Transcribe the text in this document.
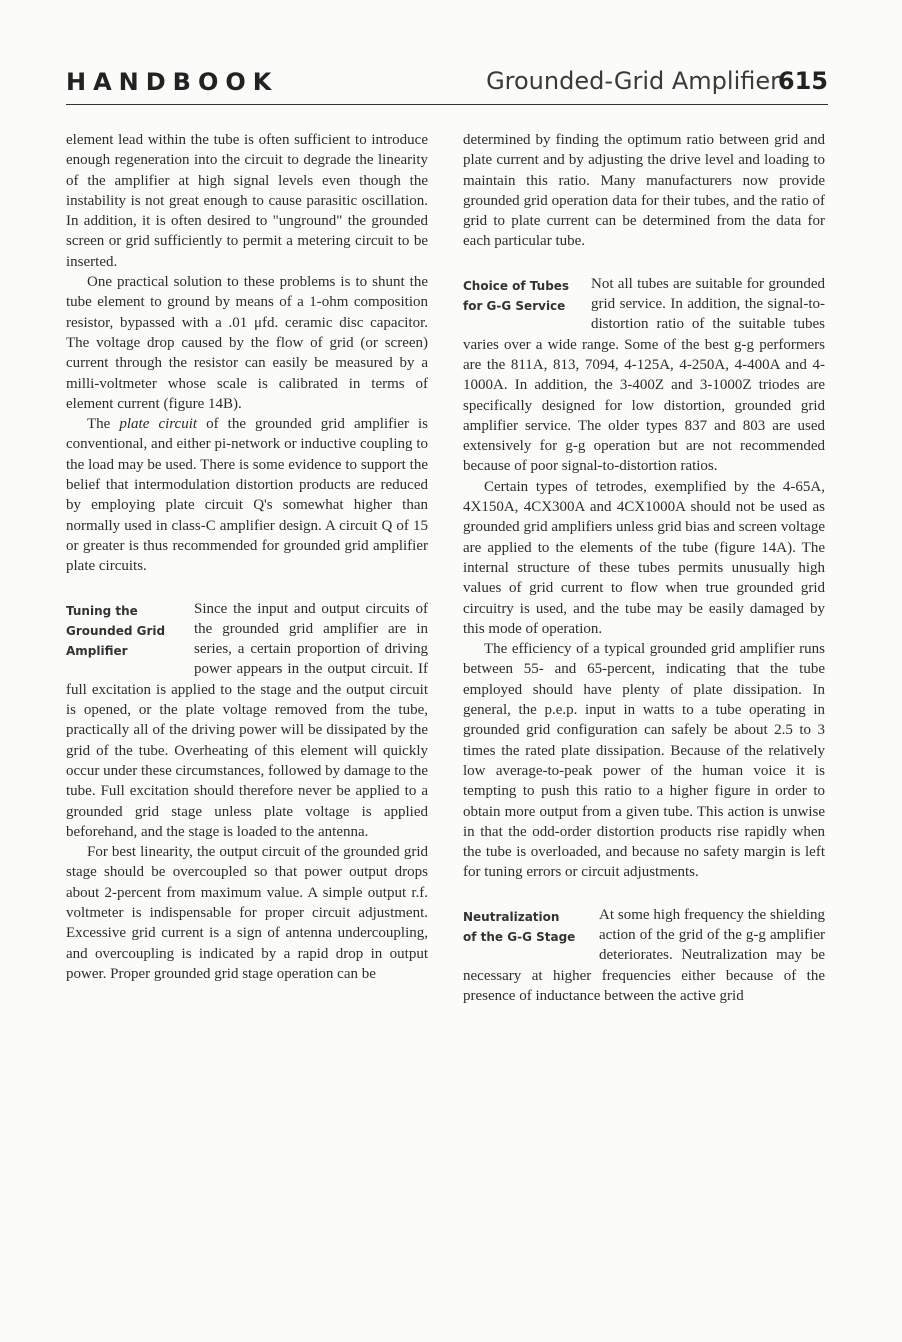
HANDBOOK	Grounded-Grid Amplifier
615

element lead within the tube is often sufficient to introduce enough regeneration into the circuit to degrade the linearity of the amplifier at high signal levels even though the instability is not great enough to cause parasitic oscillation. In addition, it is often desired to "unground" the grounded screen or grid sufficiently to permit a metering circuit to be inserted.

One practical solution to these problems is to shunt the tube element to ground by means of a 1-ohm composition resistor, bypassed with a .01 μfd. ceramic disc capacitor. The voltage drop caused by the flow of grid (or screen) current through the resistor can easily be measured by a milli-voltmeter whose scale is calibrated in terms of element current (figure 14B).

The plate circuit of the grounded grid amplifier is conventional, and either pi-network or inductive coupling to the load may be used. There is some evidence to support the belief that intermodulation distortion products are reduced by employing plate circuit Q's somewhat higher than normally used in class-C amplifier design. A circuit Q of 15 or greater is thus recommended for grounded grid amplifier plate circuits.

Tuning the
Grounded Grid
Amplifier

Since the input and output circuits of the grounded grid amplifier are in series, a certain proportion of driving power appears in the output circuit. If full excitation is applied to the stage and the output circuit is opened, or the plate voltage removed from the tube, practically all of the driving power will be dissipated by the grid of the tube. Overheating of this element will quickly occur under these circumstances, followed by damage to the tube. Full excitation should therefore never be applied to a grounded grid stage unless plate voltage is applied beforehand, and the stage is loaded to the antenna.

For best linearity, the output circuit of the grounded grid stage should be overcoupled so that power output drops about 2-percent from maximum value. A simple output r.f. voltmeter is indispensable for proper circuit adjustment. Excessive grid current is a sign of antenna undercoupling, and overcoupling is indicated by a rapid drop in output power. Proper grounded grid stage operation can be

determined by finding the optimum ratio between grid and plate current and by adjusting the drive level and loading to maintain this ratio. Many manufacturers now provide grounded grid operation data for their tubes, and the ratio of grid to plate current can be determined from the data for each particular tube.

Choice of Tubes
for G-G Service

Not all tubes are suitable for grounded grid service. In addition, the signal-to-distortion ratio of the suitable tubes varies over a wide range. Some of the best g-g performers are the 811A, 813, 7094, 4-125A, 4-250A, 4-400A and 4-1000A. In addition, the 3-400Z and 3-1000Z triodes are specifically designed for low distortion, grounded grid amplifier service. The older types 837 and 803 are used extensively for g-g operation but are not recommended because of poor signal-to-distortion ratios.

Certain types of tetrodes, exemplified by the 4-65A, 4X150A, 4CX300A and 4CX1000A should not be used as grounded grid amplifiers unless grid bias and screen voltage are applied to the elements of the tube (figure 14A). The internal structure of these tubes permits unusually high values of grid current to flow when true grounded grid circuitry is used, and the tube may be easily damaged by this mode of operation.

The efficiency of a typical grounded grid amplifier runs between 55- and 65-percent, indicating that the tube employed should have plenty of plate dissipation. In general, the p.e.p. input in watts to a tube operating in grounded grid configuration can safely be about 2.5 to 3 times the rated plate dissipation. Because of the relatively low average-to-peak power of the human voice it is tempting to push this ratio to a higher figure in order to obtain more output from a given tube. This action is unwise in that the odd-order distortion products rise rapidly when the tube is overloaded, and because no safety margin is left for tuning errors or circuit adjustments.

Neutralization
of the G-G Stage

At some high frequency the shielding action of the grid of the g-g amplifier deteriorates. Neutralization may be necessary at higher frequencies either because of the presence of inductance between the active grid
